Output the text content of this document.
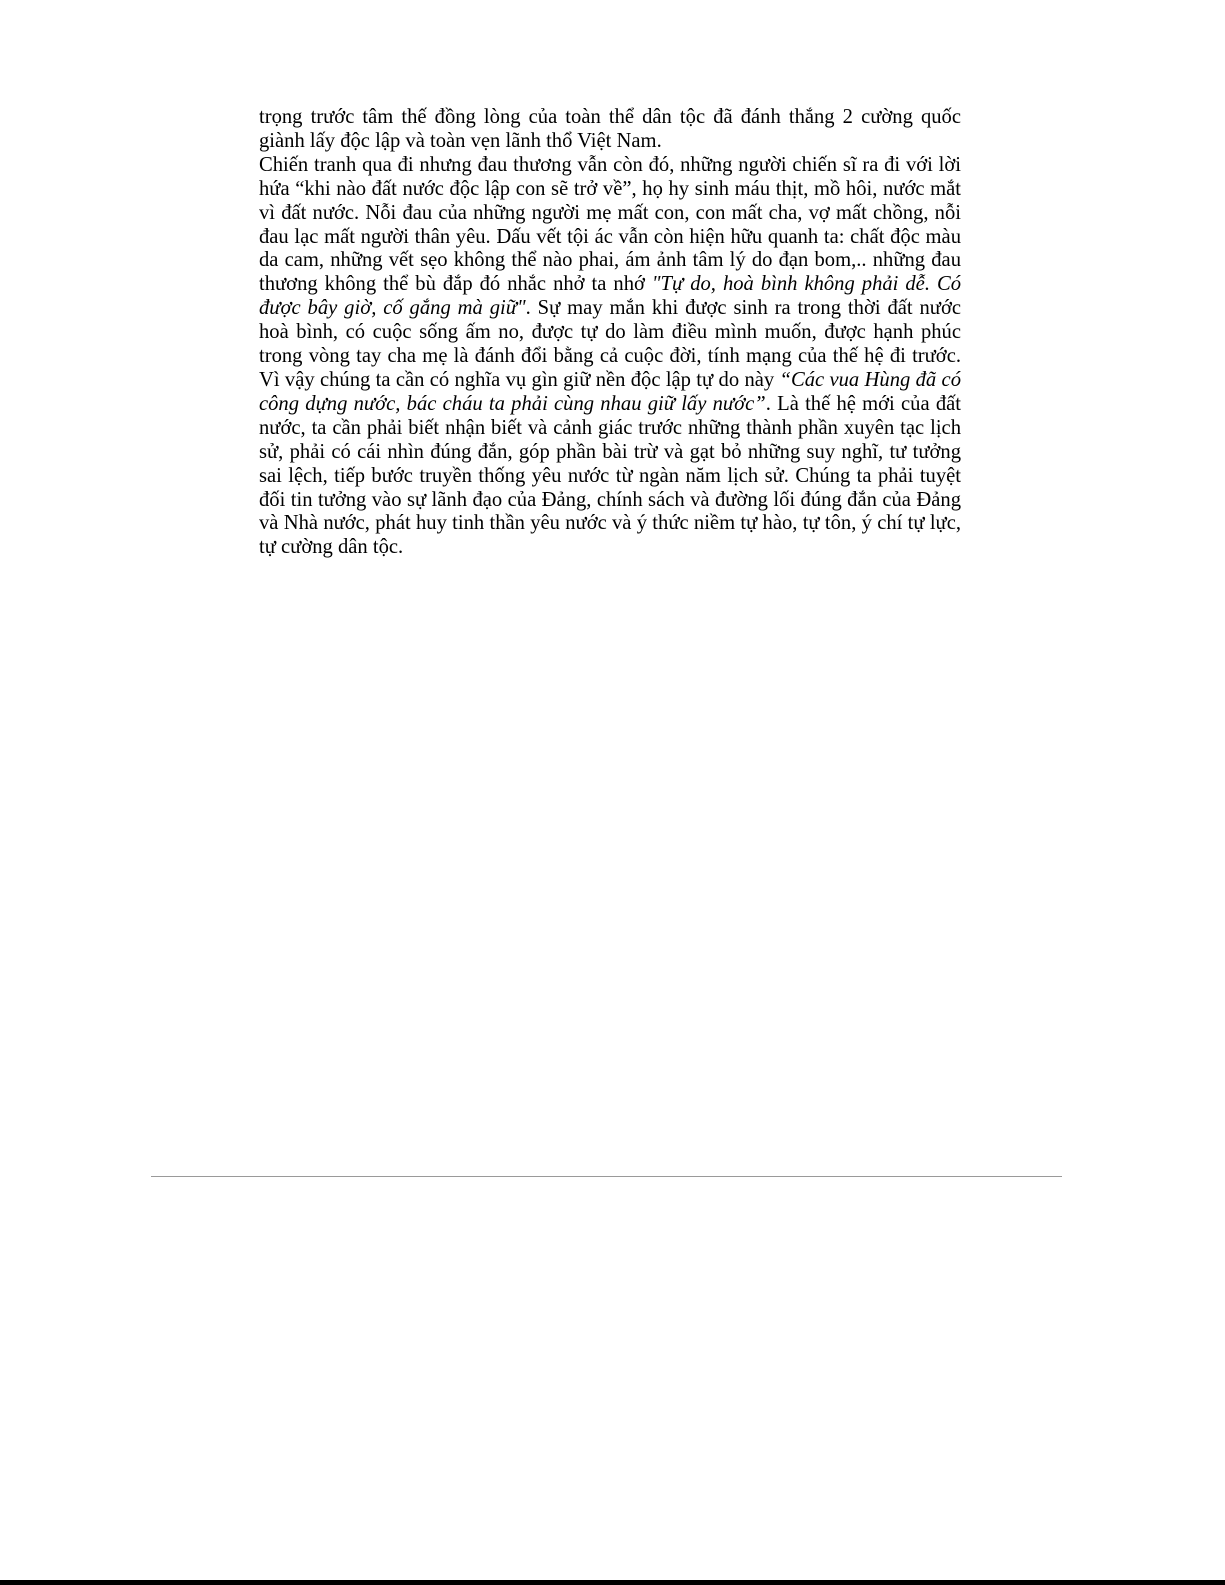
trọng trước tâm thế đồng lòng của toàn thể dân tộc đã đánh thắng 2 cường quốc giành lấy độc lập và toàn vẹn lãnh thổ Việt Nam.

Chiến tranh qua đi nhưng đau thương vẫn còn đó, những người chiến sĩ ra đi với lời hứa “khi nào đất nước độc lập con sẽ trở về”, họ hy sinh máu thịt, mồ hôi, nước mắt vì đất nước. Nỗi đau của những người mẹ mất con, con mất cha, vợ mất chồng, nỗi đau lạc mất người thân yêu. Dấu vết tội ác vẫn còn hiện hữu quanh ta: chất độc màu da cam, những vết sẹo không thể nào phai, ám ảnh tâm lý do đạn bom,.. những đau thương không thể bù đắp đó nhắc nhở ta nhớ "Tự do, hoà bình không phải dễ. Có được bây giờ, cố gắng mà giữ". Sự may mắn khi được sinh ra trong thời đất nước hoà bình, có cuộc sống ấm no, được tự do làm điều mình muốn, được hạnh phúc trong vòng tay cha mẹ là đánh đổi bằng cả cuộc đời, tính mạng của thế hệ đi trước. Vì vậy chúng ta cần có nghĩa vụ gìn giữ nền độc lập tự do này “Các vua Hùng đã có công dựng nước, bác cháu ta phải cùng nhau giữ lấy nước”. Là thế hệ mới của đất nước, ta cần phải biết nhận biết và cảnh giác trước những thành phần xuyên tạc lịch sử, phải có cái nhìn đúng đắn, góp phần bài trừ và gạt bỏ những suy nghĩ, tư tưởng sai lệch, tiếp bước truyền thống yêu nước từ ngàn năm lịch sử. Chúng ta phải tuyệt đối tin tưởng vào sự lãnh đạo của Đảng, chính sách và đường lối đúng đắn của Đảng và Nhà nước, phát huy tinh thần yêu nước và ý thức niềm tự hào, tự tôn, ý chí tự lực, tự cường dân tộc.
